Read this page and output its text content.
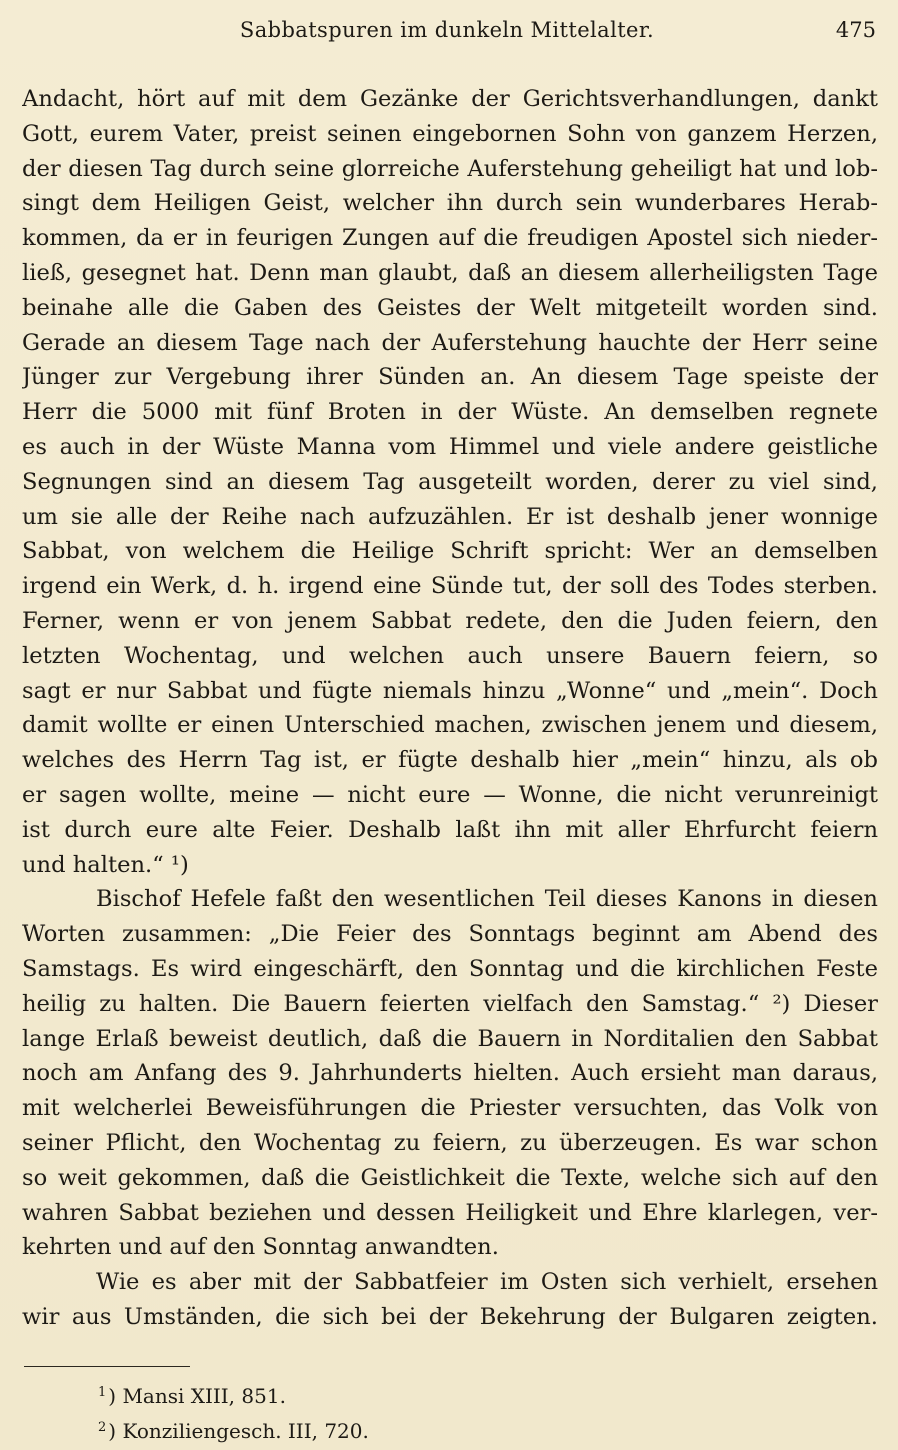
Sabbatspuren im dunkeln Mittelalter.	475
Andacht, hört auf mit dem Gezänke der Gerichtsverhandlungen, dankt
Gott, eurem Vater, preist seinen eingebornen Sohn von ganzem Herzen,
der diesen Tag durch seine glorreiche Auferstehung geheiligt hat und lob-
singt dem Heiligen Geist, welcher ihn durch sein wunderbares Herab-
kommen, da er in feurigen Zungen auf die freudigen Apostel sich nieder-
ließ, gesegnet hat. Denn man glaubt, daß an diesem allerheiligsten Tage
beinahe alle die Gaben des Geistes der Welt mitgeteilt worden sind.
Gerade an diesem Tage nach der Auferstehung hauchte der Herr seine
Jünger zur Vergebung ihrer Sünden an. An diesem Tage speiste der
Herr die 5000 mit fünf Broten in der Wüste. An demselben regnete
es auch in der Wüste Manna vom Himmel und viele andere geistliche
Segnungen sind an diesem Tag ausgeteilt worden, derer zu viel sind,
um sie alle der Reihe nach aufzuzählen. Er ist deshalb jener wonnige
Sabbat, von welchem die Heilige Schrift spricht: Wer an demselben
irgend ein Werk, d. h. irgend eine Sünde tut, der soll des Todes sterben.
Ferner, wenn er von jenem Sabbat redete, den die Juden feiern, den
letzten Wochentag, und welchen auch unsere Bauern feiern, so
sagt er nur Sabbat und fügte niemals hinzu „Wonne“ und „mein“. Doch
damit wollte er einen Unterschied machen, zwischen jenem und diesem,
welches des Herrn Tag ist, er fügte deshalb hier „mein“ hinzu, als ob
er sagen wollte, meine — nicht eure — Wonne, die nicht verunreinigt
ist durch eure alte Feier. Deshalb laßt ihn mit aller Ehrfurcht feiern
und halten.“ ¹)
Bischof Hefele faßt den wesentlichen Teil dieses Kanons in diesen
Worten zusammen: „Die Feier des Sonntags beginnt am Abend des
Samstags. Es wird eingeschärft, den Sonntag und die kirchlichen Feste
heilig zu halten. Die Bauern feierten vielfach den Samstag.“ ²) Dieser
lange Erlaß beweist deutlich, daß die Bauern in Norditalien den Sabbat
noch am Anfang des 9. Jahrhunderts hielten. Auch ersieht man daraus,
mit welcherlei Beweisführungen die Priester versuchten, das Volk von
seiner Pflicht, den Wochentag zu feiern, zu überzeugen. Es war schon
so weit gekommen, daß die Geistlichkeit die Texte, welche sich auf den
wahren Sabbat beziehen und dessen Heiligkeit und Ehre klarlegen, ver-
kehrten und auf den Sonntag anwandten.
Wie es aber mit der Sabbatfeier im Osten sich verhielt, ersehen
wir aus Umständen, die sich bei der Bekehrung der Bulgaren zeigten.
$^1$ ) Mansi XIII, 851.
$^2$ ) Konziliengesch. III, 720.
